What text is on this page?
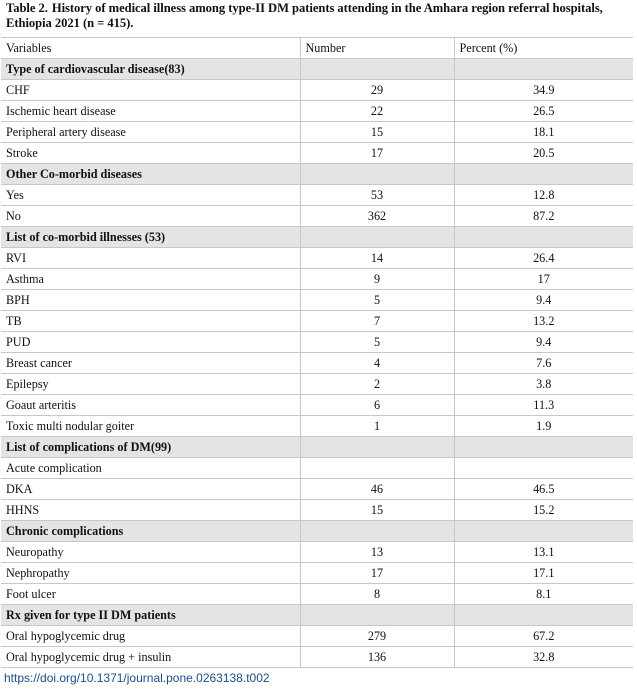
Table 2. History of medical illness among type-II DM patients attending in the Amhara region referral hospitals, Ethiopia 2021 (n = 415).
Variables	Number	Percent (%)
Type of cardiovascular disease(83)		
CHF	29	34.9
Ischemic heart disease	22	26.5
Peripheral artery disease	15	18.1
Stroke	17	20.5
Other Co-morbid diseases		
Yes	53	12.8
No	362	87.2
List of co-morbid illnesses (53)		
RVI	14	26.4
Asthma	9	17
BPH	5	9.4
TB	7	13.2
PUD	5	9.4
Breast cancer	4	7.6
Epilepsy	2	3.8
Goaut arteritis	6	11.3
Toxic multi nodular goiter	1	1.9
List of complications of DM(99)		
Acute complication		
DKA	46	46.5
HHNS	15	15.2
Chronic complications		
Neuropathy	13	13.1
Nephropathy	17	17.1
Foot ulcer	8	8.1
Rx given for type II DM patients		
Oral hypoglycemic drug	279	67.2
Oral hypoglycemic drug + insulin	136	32.8
https://doi.org/10.1371/journal.pone.0263138.t002
